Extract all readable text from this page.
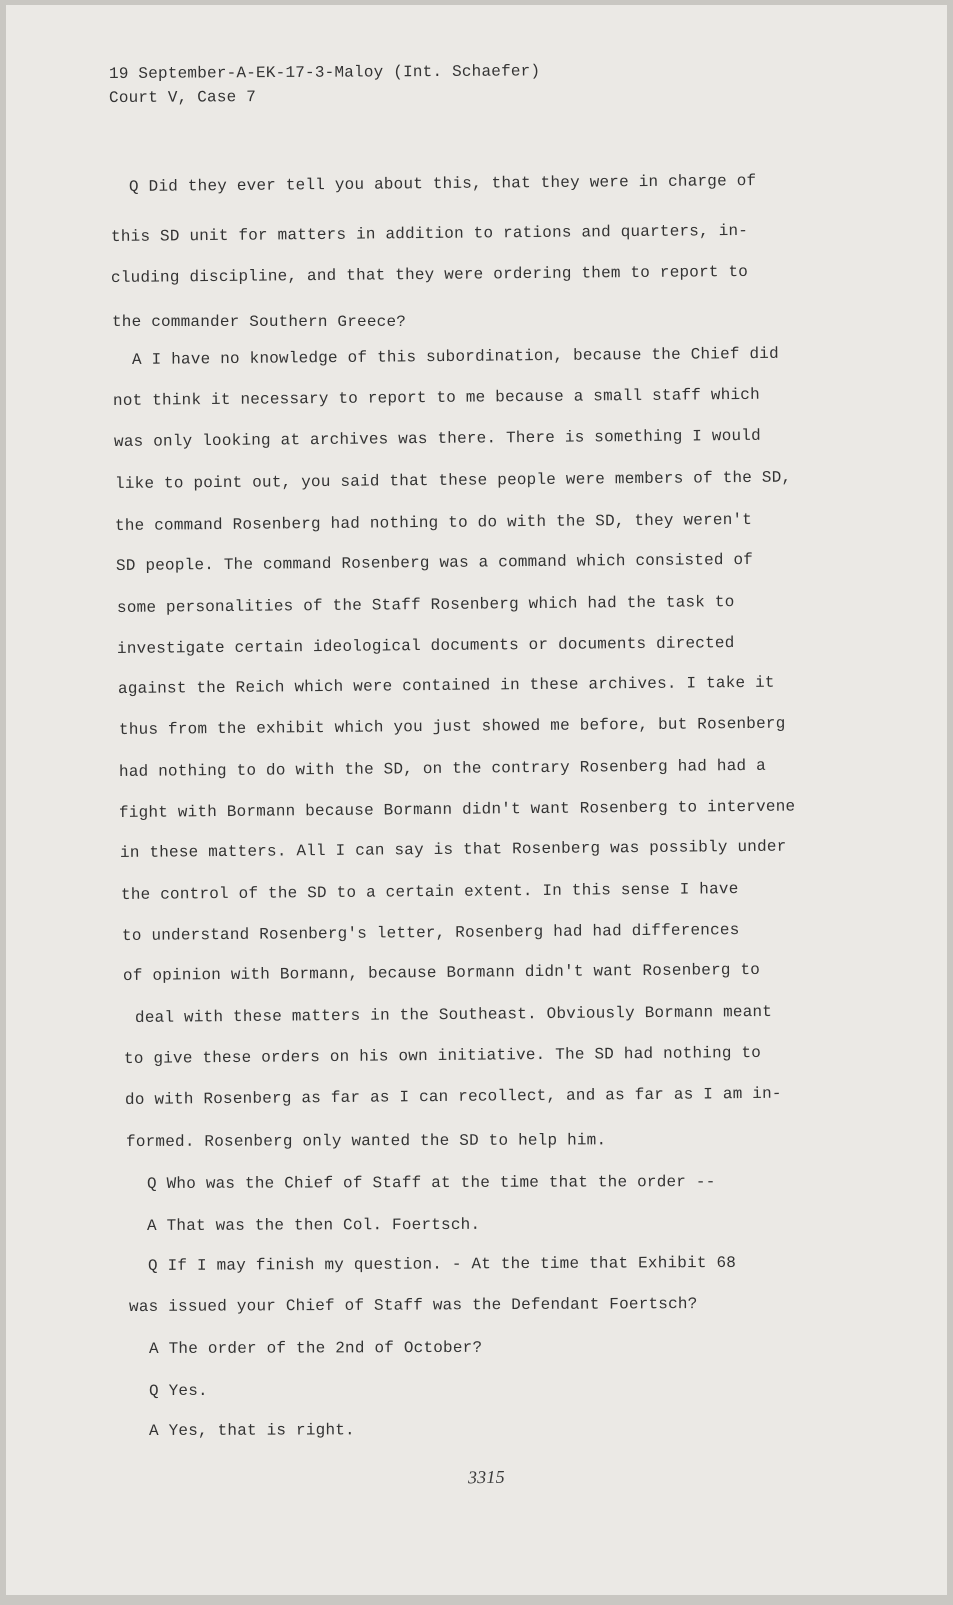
19 September-A-EK-17-3-Maloy (Int. Schaefer)
Court V, Case 7
Q Did they ever tell you about this, that they were in charge of
this SD unit for matters in addition to rations and quarters, in-
cluding discipline, and that they were ordering them to report to
the commander Southern Greece?
A I have no knowledge of this subordination, because the Chief did
not think it necessary to report to me because a small staff which
was only looking at archives was there. There is something I would
like to point out, you said that these people were members of the SD,
the command Rosenberg had nothing to do with the SD, they weren't
SD people. The command Rosenberg was a command which consisted of
some personalities of the Staff Rosenberg which had the task to
investigate certain ideological documents or documents directed
against the Reich which were contained in these archives. I take it
thus from the exhibit which you just showed me before, but Rosenberg
had nothing to do with the SD, on the contrary Rosenberg had had a
fight with Bormann because Bormann didn't want Rosenberg to intervene
in these matters. All I can say is that Rosenberg was possibly under
the control of the SD to a certain extent. In this sense I have
to understand Rosenberg's letter, Rosenberg had had differences
of opinion with Bormann, because Bormann didn't want Rosenberg to
deal with these matters in the Southeast. Obviously Bormann meant
to give these orders on his own initiative. The SD had nothing to
do with Rosenberg as far as I can recollect, and as far as I am in-
formed. Rosenberg only wanted the SD to help him.
Q Who was the Chief of Staff at the time that the order --
A That was the then Col. Foertsch.
Q If I may finish my question. - At the time that Exhibit 68
was issued your Chief of Staff was the Defendant Foertsch?
A The order of the 2nd of October?
Q Yes.
A Yes, that is right.
3315
